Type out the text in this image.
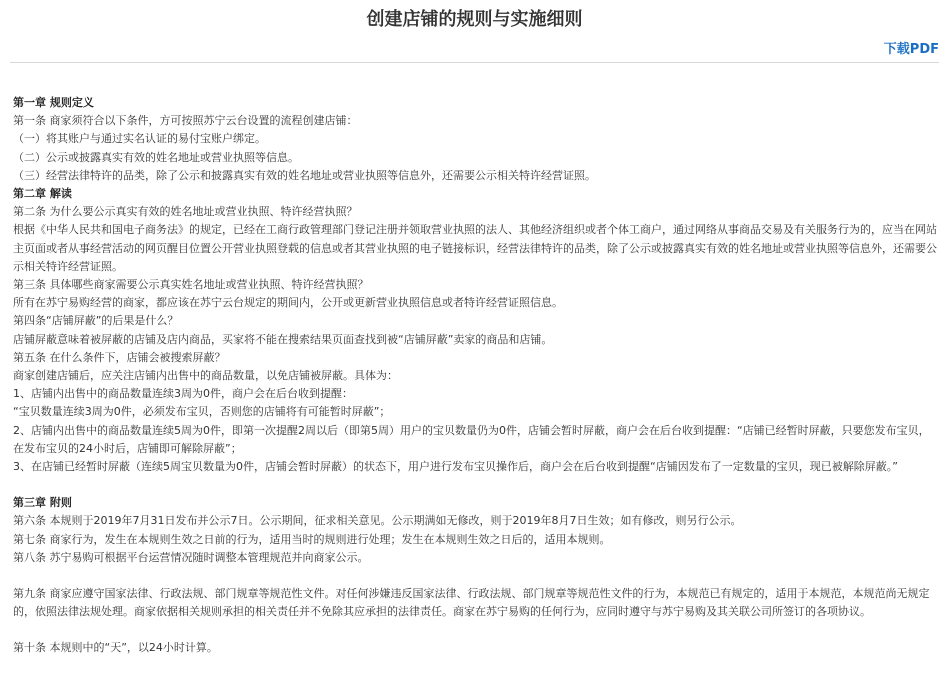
创建店铺的规则与实施细则
下载PDF

第一章 规则定义

第一条 商家须符合以下条件，方可按照苏宁云台设置的流程创建店铺：

（一）将其账户与通过实名认证的易付宝账户绑定。

（二）公示或披露真实有效的姓名地址或营业执照等信息。

（三）经营法律特许的品类，除了公示和披露真实有效的姓名地址或营业执照等信息外，还需要公示相关特许经营证照。

第二章 解读

第二条 为什么要公示真实有效的姓名地址或营业执照、特许经营执照？

根据《中华人民共和国电子商务法》的规定，已经在工商行政管理部门登记注册并领取营业执照的法人、其他经济组织或者个体工商户，通过网络从事商品交易及有关服务行为的，应当在网站主页面或者从事经营活动的网页醒目位置公开营业执照登载的信息或者其营业执照的电子链接标识，经营法律特许的品类，除了公示或披露真实有效的姓名地址或营业执照等信息外，还需要公示相关特许经营证照。

第三条 具体哪些商家需要公示真实姓名地址或营业执照、特许经营执照？

所有在苏宁易购经营的商家，都应该在苏宁云台规定的期间内，公开或更新营业执照信息或者特许经营证照信息。

第四条“店铺屏蔽”的后果是什么？

店铺屏蔽意味着被屏蔽的店铺及店内商品，买家将不能在搜索结果页面查找到被“店铺屏蔽”卖家的商品和店铺。

第五条 在什么条件下，店铺会被搜索屏蔽？

商家创建店铺后，应关注店铺内出售中的商品数量，以免店铺被屏蔽。具体为：

1、店铺内出售中的商品数量连续3周为0件，商户会在后台收到提醒：

“宝贝数量连续3周为0件，必须发布宝贝，否则您的店铺将有可能暂时屏蔽”；

2、店铺内出售中的商品数量连续5周为0件，即第一次提醒2周以后（即第5周）用户的宝贝数量仍为0件，店铺会暂时屏蔽，商户会在后台收到提醒：“店铺已经暂时屏蔽，只要您发布宝贝，在发布宝贝的24小时后，店铺即可解除屏蔽”；

3、在店铺已经暂时屏蔽（连续5周宝贝数量为0件，店铺会暂时屏蔽）的状态下，用户进行发布宝贝操作后，商户会在后台收到提醒“店铺因发布了一定数量的宝贝，现已被解除屏蔽。”

第三章 附则

第六条 本规则于2019年7月31日发布并公示7日。公示期间，征求相关意见。公示期满如无修改，则于2019年8月7日生效；如有修改，则另行公示。

第七条 商家行为，发生在本规则生效之日前的行为，适用当时的规则进行处理；发生在本规则生效之日后的，适用本规则。

第八条 苏宁易购可根据平台运营情况随时调整本管理规范并向商家公示。

第九条 商家应遵守国家法律、行政法规、部门规章等规范性文件。对任何涉嫌违反国家法律、行政法规、部门规章等规范性文件的行为，本规范已有规定的，适用于本规范，本规范尚无规定的，依照法律法规处理。商家依据相关规则承担的相关责任并不免除其应承担的法律责任。商家在苏宁易购的任何行为，应同时遵守与苏宁易购及其关联公司所签订的各项协议。

第十条 本规则中的“天”，以24小时计算。
